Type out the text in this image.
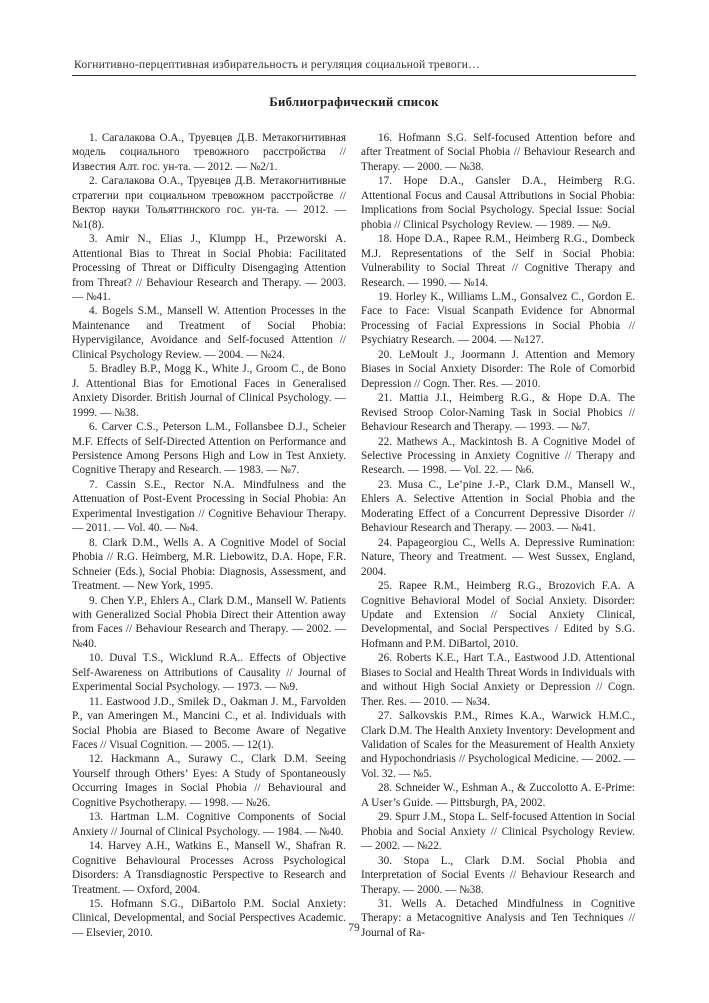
Когнитивно-перцептивная избирательность и регуляция социальной тревоги…
Библиографический список

1. Сагалакова О.А., Труевцев Д.В. Метакогнитивная модель социального тревожного расстройства // Известия Алт. гос. ун-та. — 2012. — №2/1.

2. Сагалакова О.А., Труевцев Д.В. Метакогнитивные стратегии при социальном тревожном расстройстве // Вектор науки Тольяттинского гос. ун-та. — 2012. — №1(8).

3. Amir N., Elias J., Klumpp H., Przeworski A. Attentional Bias to Threat in Social Phobia: Facilitated Processing of Threat or Difficulty Disengaging Attention from Threat? // Behaviour Research and Therapy. — 2003. — №41.

4. Bogels S.M., Mansell W. Attention Processes in the Maintenance and Treatment of Social Phobia: Hypervigilance, Avoidance and Self-focused Attention // Clinical Psychology Review. — 2004. — №24.

5. Bradley B.P., Mogg K., White J., Groom C., de Bono J. Attentional Bias for Emotional Faces in Generalised Anxiety Disorder. British Journal of Clinical Psychology. — 1999. — №38.

6. Carver C.S., Peterson L.M., Follansbee D.J., Scheier M.F. Effects of Self-Directed Attention on Performance and Persistence Among Persons High and Low in Test Anxiety. Cognitive Therapy and Research. — 1983. — №7.

7. Cassin S.E., Rector N.A. Mindfulness and the Attenuation of Post-Event Processing in Social Phobia: An Experimental Investigation // Cognitive Behaviour Therapy. — 2011. — Vol. 40. — №4.

8. Clark D.M., Wells A. A Cognitive Model of Social Phobia // R.G. Heimberg, M.R. Liebowitz, D.A. Hope, F.R. Schneier (Eds.), Social Phobia: Diagnosis, Assessment, and Treatment. — New York, 1995.

9. Chen Y.P., Ehlers A., Clark D.M., Mansell W. Patients with Generalized Social Phobia Direct their Attention away from Faces // Behaviour Research and Therapy. — 2002. — №40.

10. Duval T.S., Wicklund R.A.. Effects of Objective Self-Awareness on Attributions of Causality // Journal of Experimental Social Psychology. — 1973. — №9.

11. Eastwood J.D., Smilek D., Oakman J. M., Farvolden P., van Ameringen M., Mancini C., et al. Individuals with Social Phobia are Biased to Become Aware of Negative Faces // Visual Cognition. — 2005. — 12(1).

12. Hackmann A., Surawy C., Clark D.M. Seeing Yourself through Others’ Eyes: A Study of Spontaneously Occurring Images in Social Phobia // Behavioural and Cognitive Psychotherapy. — 1998. — №26.

13. Hartman L.M. Cognitive Components of Social Anxiety // Journal of Clinical Psychology. — 1984. — №40.

14. Harvey A.H., Watkins E., Mansell W., Shafran R. Cognitive Behavioural Processes Across Psychological Disorders: A Transdiagnostic Perspective to Research and Treatment. — Oxford, 2004.

15. Hofmann S.G., DiBartolo P.M. Social Anxiety: Clinical, Developmental, and Social Perspectives Academic. — Elsevier, 2010.

16. Hofmann S.G. Self-focused Attention before and after Treatment of Social Phobia // Behaviour Research and Therapy. — 2000. — №38.

17. Hope D.A., Gansler D.A., Heimberg R.G. Attentional Focus and Causal Attributions in Social Phobia: Implications from Social Psychology. Special Issue: Social phobia // Clinical Psychology Review. — 1989. — №9.

18. Hope D.A., Rapee R.M., Heimberg R.G., Dombeck M.J. Representations of the Self in Social Phobia: Vulnerability to Social Threat // Cognitive Therapy and Research. — 1990. — №14.

19. Horley K., Williams L.M., Gonsalvez C., Gordon E. Face to Face: Visual Scanpath Evidence for Abnormal Processing of Facial Expressions in Social Phobia // Psychiatry Research. — 2004. — №127.

20. LeMoult J., Joormann J. Attention and Memory Biases in Social Anxiety Disorder: The Role of Comorbid Depression // Cogn. Ther. Res. — 2010.

21. Mattia J.I., Heimberg R.G., & Hope D.A. The Revised Stroop Color-Naming Task in Social Phobics // Behaviour Research and Therapy. — 1993. — №7.

22. Mathews A., Mackintosh B. A Cognitive Model of Selective Processing in Anxiety Cognitive // Therapy and Research. — 1998. — Vol. 22. — №6.

23. Musa C., Le’pine J.-P., Clark D.M., Mansell W., Ehlers A. Selective Attention in Social Phobia and the Moderating Effect of a Concurrent Depressive Disorder // Behaviour Research and Therapy. — 2003. — №41.

24. Papageorgiou C., Wells A. Depressive Rumination: Nature, Theory and Treatment. — West Sussex, England, 2004.

25. Rapee R.M., Heimberg R.G., Brozovich F.A. A Cognitive Behavioral Model of Social Anxiety. Disorder: Update and Extension // Social Anxiety Clinical, Developmental, and Social Perspectives / Edited by S.G. Hofmann and P.M. DiBartol, 2010.

26. Roberts K.E., Hart T.A., Eastwood J.D. Attentional Biases to Social and Health Threat Words in Individuals with and without High Social Anxiety or Depression // Cogn. Ther. Res. — 2010. — №34.

27. Salkovskis P.M., Rimes K.A., Warwick H.M.C., Clark D.M. The Health Anxiety Inventory: Development and Validation of Scales for the Measurement of Health Anxiety and Hypochondriasis // Psychological Medicine. — 2002. — Vol. 32. — №5.

28. Schneider W., Eshman A., & Zuccolotto A. E-Prime: A User’s Guide. — Pittsburgh, PA, 2002.

29. Spurr J.M., Stopa L. Self-focused Attention in Social Phobia and Social Anxiety // Clinical Psychology Review. — 2002. — №22.

30. Stopa L., Clark D.M. Social Phobia and Interpretation of Social Events // Behaviour Research and Therapy. — 2000. — №38.

31. Wells A. Detached Mindfulness in Cognitive Therapy: a Metacognitive Analysis and Ten Techniques // Journal of Ra-

79
